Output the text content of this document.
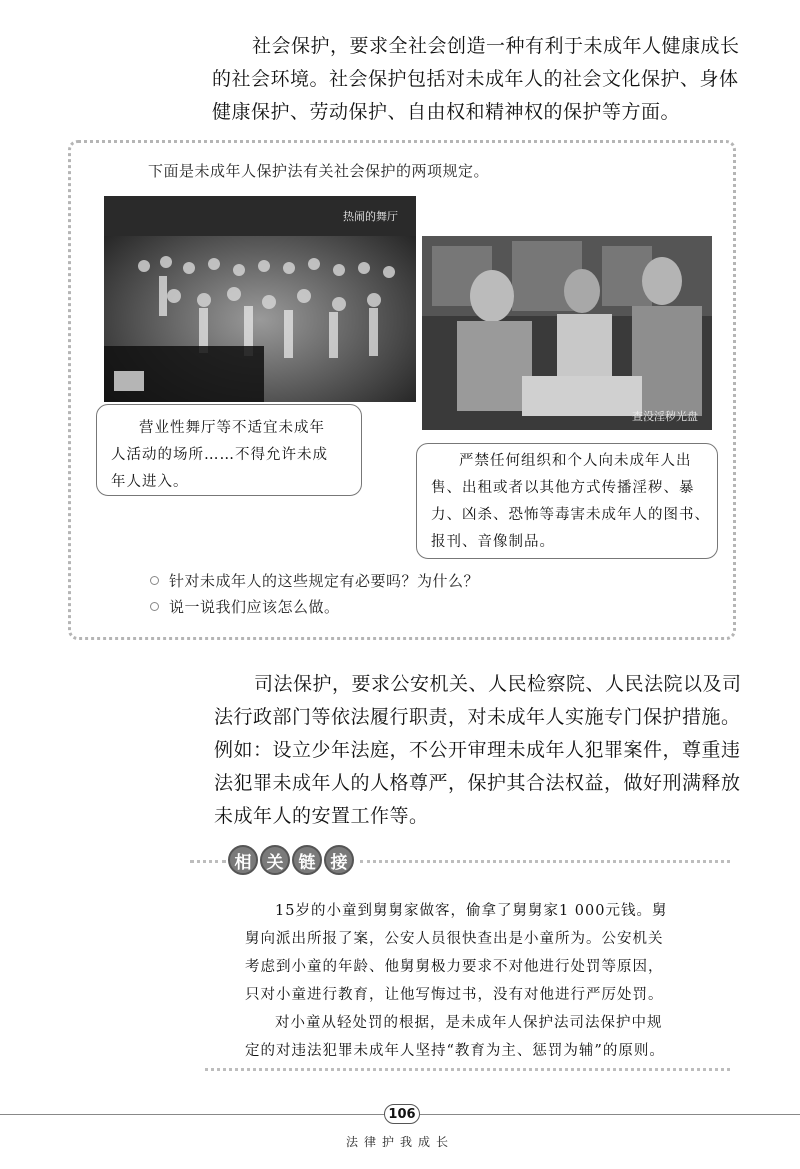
社会保护，要求全社会创造一种有利于未成年人健康成长
的社会环境。社会保护包括对未成年人的社会文化保护、身体
健康保护、劳动保护、自由权和精神权的保护等方面。

下面是未成年人保护法有关社会保护的两项规定。

热闹的舞厅
查没淫秽光盘
营业性舞厅等不适宜未成年
人活动的场所……不得允许未成
年人进入。
严禁任何组织和个人向未成年人出
售、出租或者以其他方式传播淫秽、暴
力、凶杀、恐怖等毒害未成年人的图书、
报刊、音像制品。
针对未成年人的这些规定有必要吗？为什么？
说一说我们应该怎么做。
司法保护，要求公安机关、人民检察院、人民法院以及司
法行政部门等依法履行职责，对未成年人实施专门保护措施。
例如：设立少年法庭，不公开审理未成年人犯罪案件，尊重违
法犯罪未成年人的人格尊严，保护其合法权益，做好刑满释放
未成年人的安置工作等。
相 关 链 接
15岁的小童到舅舅家做客，偷拿了舅舅家1 000元钱。舅
舅向派出所报了案，公安人员很快查出是小童所为。公安机关
考虑到小童的年龄、他舅舅极力要求不对他进行处罚等原因，
只对小童进行教育，让他写悔过书，没有对他进行严厉处罚。
对小童从轻处罚的根据，是未成年人保护法司法保护中规
定的对违法犯罪未成年人坚持“教育为主、惩罚为辅”的原则。
106
法律护我成长
